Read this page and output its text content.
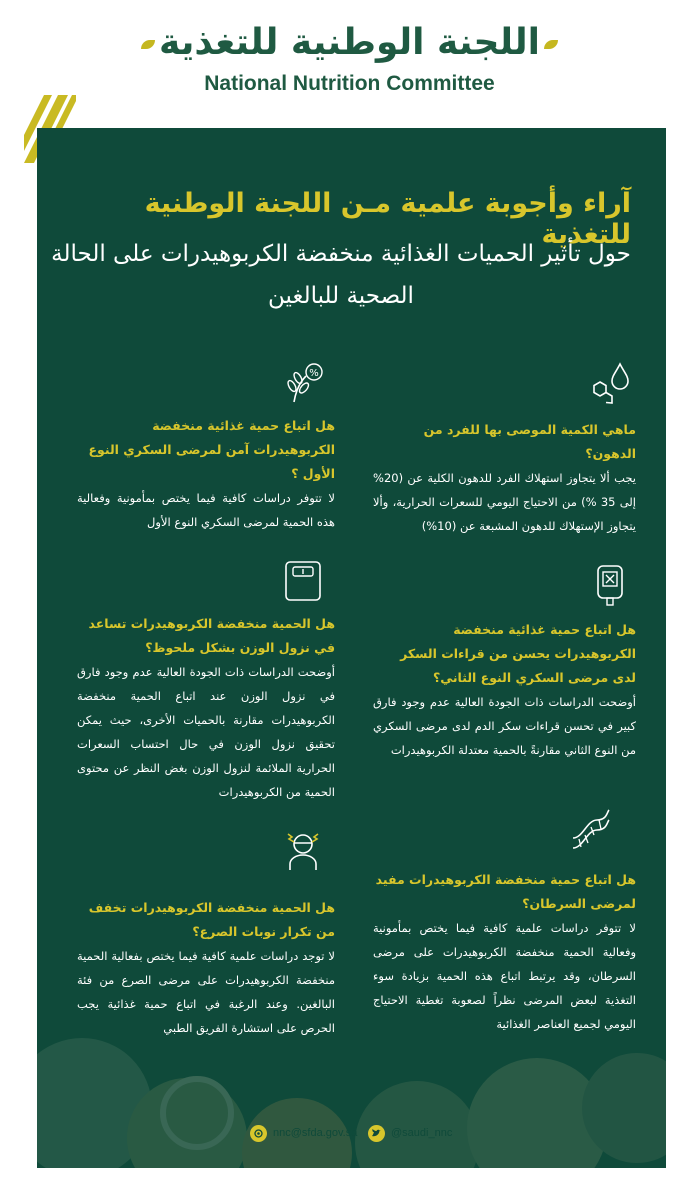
اللجنة الوطنية للتغذية
National Nutrition Committee
آراء وأجوبة علمية مـن اللجنة الوطنية للتغذية
حول تأثير الحميات الغذائية منخفضة الكربوهيدرات على الحالة الصحية للبالغين
%
ماهي الكمية الموصى بها للفرد من الدهون؟
يجب ألا يتجاوز استهلاك الفرد للدهون الكلية عن (20% إلى 35 %) من الاحتياج اليومي للسعرات الحرارية، وألا يتجاوز الإستهلاك للدهون المشبعة عن (10%)
هل اتباع حمية غذائية منخفضة الكربوهيدرات يحسن من قراءات السكر لدى مرضى السكري النوع الثاني؟
أوضحت الدراسات ذات الجودة العالية عدم وجود فارق كبير في تحسن قراءات سكر الدم لدى مرضى السكري من النوع الثاني مقارنةً بالحمية معتدلة الكربوهيدرات
هل اتباع حمية منخفضة الكربوهيدرات مفيد لمرضى السرطان؟
لا تتوفر دراسات علمية كافية فيما يختص بمأمونية وفعالية الحمية منخفضة الكربوهيدرات على مرضى السرطان، وقد يرتبط اتباع هذه الحمية بزيادة سوء التغذية لبعض المرضى نظراً لصعوبة تغطية الاحتياج اليومي لجميع العناصر الغذائية
هل اتباع حمية غذائية منخفضة الكربوهيدرات آمن لمرضى السكري النوع الأول ؟
لا تتوفر دراسات كافية فيما يختص بمأمونية وفعالية هذه الحمية لمرضى السكري النوع الأول
هل الحمية منخفضة الكربوهيدرات تساعد في نزول الوزن بشكل ملحوظ؟
أوضحت الدراسات ذات الجودة العالية عدم وجود فارق في نزول الوزن عند اتباع الحمية منخفضة الكربوهيدرات مقارنة بالحميات الأخرى، حيث يمكن تحقيق نزول الوزن في حال احتساب السعرات الحرارية الملائمة لنزول الوزن بغض النظر عن محتوى الحمية من الكربوهيدرات
هل الحمية منخفضة الكربوهيدرات تخفف من تكرار نوبات الصرع؟
لا توجد دراسات علمية كافية فيما يختص بفعالية الحمية منخفضة الكربوهيدرات على مرضى الصرع من فئة البالغين. وعند الرغبة في اتباع حمية غذائية يجب الحرص على استشارة الفريق الطبي
nnc@sfda.gov.sa	@saudi_nnc
